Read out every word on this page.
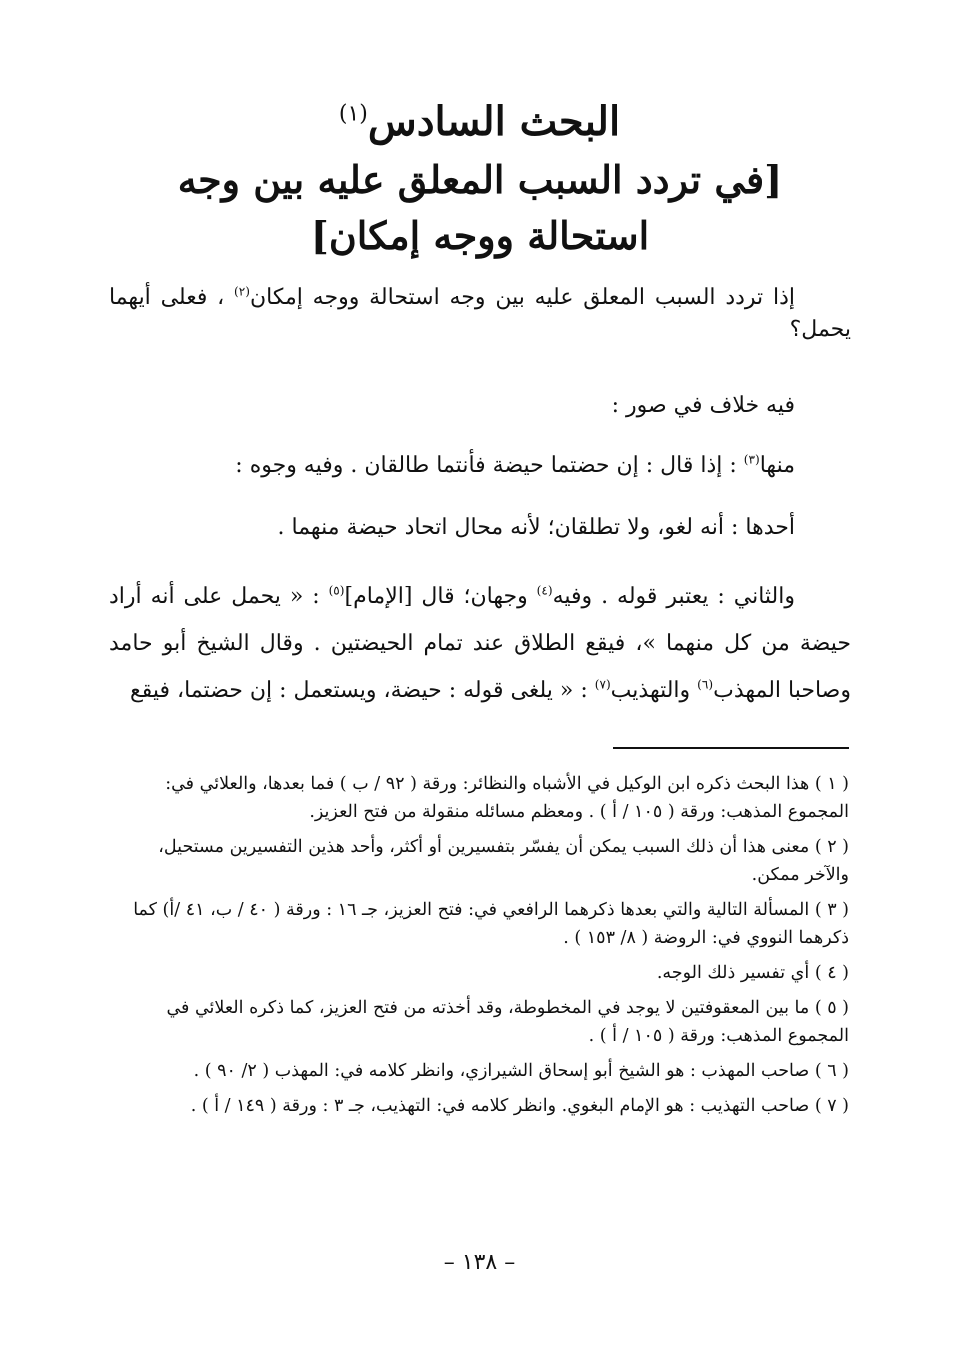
البحث السادس$^{(١)}$
[في تردد السبب المعلق عليه بين وجه استحالة ووجه إمكان]
إذا تردد السبب المعلق عليه بين وجه استحالة ووجه إمكان$^{(٢)}$ ، فعلى أيهما يحمل؟
فيه خلاف في صور :
منها$^{(٣)}$ : إذا قال : إن حضتما حيضة فأنتما طالقان . وفيه وجوه :
أحدها : أنه لغو، ولا تطلقان؛ لأنه محال اتحاد حيضة منهما .
والثاني : يعتبر قوله . وفيه$^{(٤)}$ وجهان؛ قال [الإمام]$^{(٥)}$ : « يحمل على أنه أراد حيضة من كل منهما »، فيقع الطلاق عند تمام الحيضتين . وقال الشيخ أبو حامد وصاحبا المهذب$^{(٦)}$ والتهذيب$^{(٧)}$ : « يلغى قوله : حيضة، ويستعمل : إن حضتما، فيقع
( ١ ) هذا البحث ذكره ابن الوكيل في الأشباه والنظائر: ورقة ( ٩٢ / ب ) فما بعدها، والعلائي في: المجموع المذهب: ورقة ( ١٠٥ / أ ) . ومعظم مسائله منقولة من فتح العزيز.
( ٢ ) معنى هذا أن ذلك السبب يمكن أن يفسّر بتفسيرين أو أكثر، وأحد هذين التفسيرين مستحيل، والآخر ممكن.
( ٣ ) المسألة التالية والتي بعدها ذكرهما الرافعي في: فتح العزيز، جـ ١٦ : ورقة ( ٤٠ / ب، ٤١ /أ) كما ذكرهما النووي في: الروضة ( ٨/ ١٥٣ ) .
( ٤ ) أي تفسير ذلك الوجه.
( ٥ ) ما بين المعقوفتين لا يوجد في المخطوطة، وقد أخذته من فتح العزيز، كما ذكره العلائي في المجموع المذهب: ورقة ( ١٠٥ / أ ) .
( ٦ ) صاحب المهذب : هو الشيخ أبو إسحاق الشيرازي، وانظر كلامه في: المهذب ( ٢/ ٩٠ ) .
( ٧ ) صاحب التهذيب : هو الإمام البغوي. وانظر كلامه في: التهذيب، جـ ٣ : ورقة ( ١٤٩ / أ ) .
– ١٣٨ –
